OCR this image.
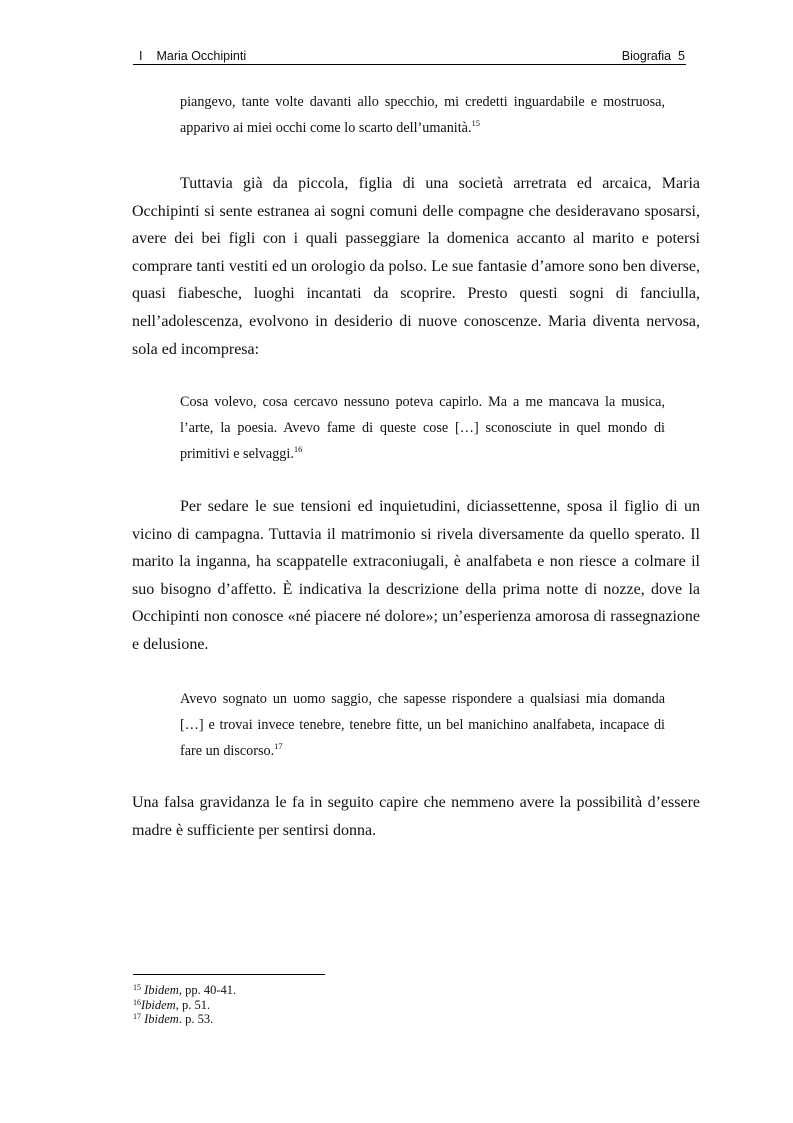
I Maria Occhipinti	Biografia 5
piangevo, tante volte davanti allo specchio, mi credetti inguardabile e mostruosa, apparivo ai miei occhi come lo scarto dell’umanità.$^{15}$
Tuttavia già da piccola, figlia di una società arretrata ed arcaica, Maria Occhipinti si sente estranea ai sogni comuni delle compagne che desideravano sposarsi, avere dei bei figli con i quali passeggiare la domenica accanto al marito e potersi comprare tanti vestiti ed un orologio da polso. Le sue fantasie d’amore sono ben diverse, quasi fiabesche, luoghi incantati da scoprire. Presto questi sogni di fanciulla, nell’adolescenza, evolvono in desiderio di nuove conoscenze. Maria diventa nervosa, sola ed incompresa:
Cosa volevo, cosa cercavo nessuno poteva capirlo. Ma a me mancava la musica, l’arte, la poesia. Avevo fame di queste cose […] sconosciute in quel mondo di primitivi e selvaggi.$^{16}$
Per sedare le sue tensioni ed inquietudini, diciassettenne, sposa il figlio di un vicino di campagna. Tuttavia il matrimonio si rivela diversamente da quello sperato. Il marito la inganna, ha scappatelle extraconiugali, è analfabeta e non riesce a colmare il suo bisogno d’affetto. È indicativa la descrizione della prima notte di nozze, dove la Occhipinti non conosce «né piacere né dolore»; un’esperienza amorosa di rassegnazione e delusione.
Avevo sognato un uomo saggio, che sapesse rispondere a qualsiasi mia domanda […] e trovai invece tenebre, tenebre fitte, un bel manichino analfabeta, incapace di fare un discorso.$^{17}$
Una falsa gravidanza le fa in seguito capire che nemmeno avere la possibilità d’essere madre è sufficiente per sentirsi donna.
$^{15}$ Ibidem, pp. 40-41.
$^{16}$Ibidem, p. 51.
$^{17}$ Ibidem. p. 53.
